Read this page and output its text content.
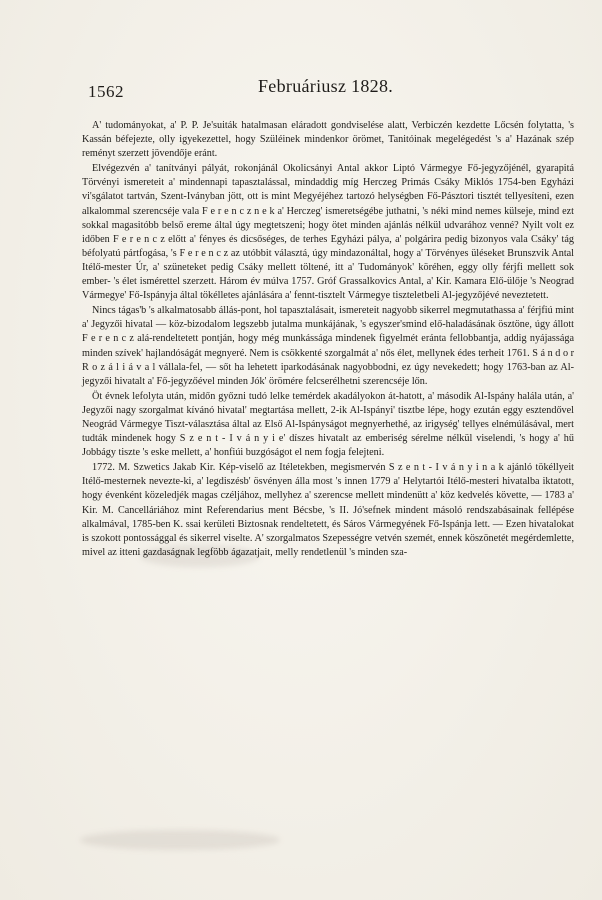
1562	Februáriusz 1828.

A' tudományokat, a' P. P. Je'suiták hatalmasan eláradott gondviselése alatt, Verbiczén kezdette Lőcsén folytatta, 's Kassán béfejezte, olly igyekezettel, hogy Szüléinek mindenkor örömet, Tanitóinak megelégedést 's a' Hazának szép reményt szerzett jövendője eránt.

Elvégezvén a' tanítványi pályát, rokonjánál Okolicsányi Antal akkor Liptó Vármegye Fő-jegyzőjénél, gyarapitá Törvényi ismereteit a' mindennapi tapasztalással, mindaddig míg Herczeg Primás Csáky Miklós 1754-ben Egyházi vi'sgálatot tartván, Szent-Iványban jött, ott is mint Megyéjéhez tartozó helységben Fő-Pásztori tisztét tellyesíteni, ezen alkalommal szerencséje vala F e r e n c z n e k a' Herczeg' ismeretségébe juthatni, 's néki mind nemes külseje, mind ezt sokkal magasitóbb belső ereme által úgy megtetszeni; hogy ötet minden ajánlás nélkül udvarához venné? Nyilt volt ez időben F e r e n c z előtt a' fényes és dicsőséges, de terhes Egyházi pálya, a' polgárira pedig bizonyos vala Csáky' tág béfolyatú pártfogása, 's F e r e n c z az utóbbit választá, úgy mindazonáltal, hogy a' Törvényes üléseket Brunszvik Antal Itélő-mester Úr, a' szüneteket pedig Csáky mellett töltené, itt a' Tudományok' köréhen, eggy olly férjfi mellett sok ember- 's élet ismérettel szerzett. Három év múlva 1757. Gróf Grassalkovics Antal, a' Kir. Kamara Elő-ülője 's Neograd Vármegye' Fő-Ispányja által tökélletes ajánlására a' fennt-tisztelt Vármegye tiszteletbeli Al-jegyzőjévé neveztetett.

Nincs tágas'b 's alkalmatosabb állás-pont, hol tapasztalásait, ismereteit nagyobb sikerrel megmutathassa a' férjfiú mint a' Jegyzői hivatal — köz-bizodalom legszebb jutalma munkájának, 's egyszer'smind elő-haladásának ösztöne, úgy állott F e r e n c z alá-rendeltetett pontján, hogy még munkássága mindenek figyelmét eránta fellobbantja, addig nyájassága minden szívek' hajlandóságát megnyeré. Nem is csökkenté szorgalmát a' nős élet, mellynek édes terheit 1761. S á n d o r R o z á l i á v a l vállala-fel, — sőt ha lehetett iparkodásának nagyobbodni, ez úgy nevekedett; hogy 1763-ban az Al-jegyzői hivatalt a' Fő-jegyzőével minden Jók' örömére felcserélhetni szerencséje lőn.

Öt évnek lefolyta után, midőn győzni tudó lelke temérdek akadályokon át-hatott, a' második Al-Ispány halála után, a' Jegyzői nagy szorgalmat kívánó hivatal' megtartása mellett, 2-ik Al-Ispányi' tisztbe lépe, hogy ezután eggy esztendővel Neográd Vármegye Tiszt-választása által az Első Al-Ispányságot megnyerhethé, az irigység' tellyes elnémúlásával, mert tudták mindenek hogy S z e n t - I v á n y i e' díszes hivatalt az emberiség sérelme nélkül viselendi, 's hogy a' hű Jobbágy tiszte 's eske mellett, a' honfiúi buzgóságot el nem fogja felejteni.

1772. M. Szwetics Jakab Kir. Kép-viselő az Itéletekben, megismervén S z e n t - I v á n y i n a k ajánló tökéllyeit Itélő-mesternek nevezte-ki, a' legdiszésb' ösvényen álla most 's innen 1779 a' Helytartói Itélő-mesteri hivatalba iktatott, hogy évenként közeledjék magas czéljához, mellyhez a' szerencse mellett mindenütt a' köz kedvelés követte, — 1783 a' Kir. M. Cancelláriához mint Referendarius ment Bécsbe, 's II. Jó'sefnek mindent másoló rendszabásainak fellépése alkalmával, 1785-ben K. ssai kerületi Biztosnak rendeltetett, és Sáros Vármegyének Fő-Ispánja lett. — Ezen hivatalokat is szokott pontossággal és sikerrel viselte. A' szorgalmatos Szepességre vetvén szemét, ennek köszönetét megérdemlette, mivel az itteni gazdaságnak legföbb ágazatjait, melly rendetlenül 's minden sza-
